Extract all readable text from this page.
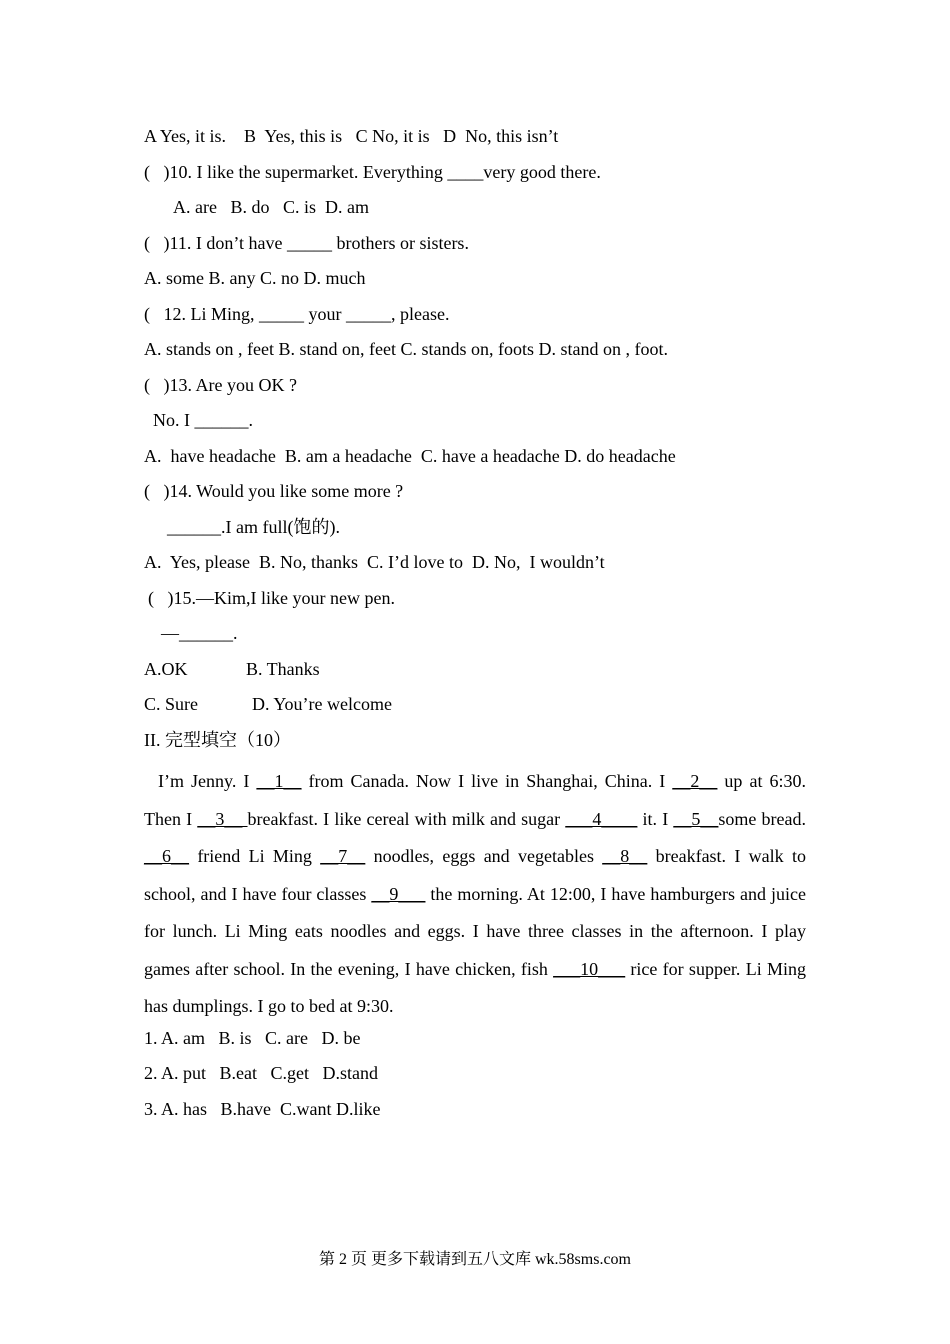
A Yes, it is.    B  Yes, this is   C No, it is   D  No, this isn’t
(   )10. I like the supermarket. Everything ____very good there.
A. are   B. do   C. is  D. am
(   )11. I don’t have _____ brothers or sisters.
A. some B. any C. no D. much
(   12. Li Ming, _____ your _____, please.
A. stands on , feet B. stand on, feet C. stands on, foots D. stand on , foot.
(   )13. Are you OK ?
No. I ______.
A.  have headache  B. am a headache  C. have a headache D. do headache
(   )14. Would you like some more ?
______.I am full(饱的).
A.  Yes, please  B. No, thanks  C. I’d love to  D. No,  I wouldn’t
(   )15.—Kim,I like your new pen.
—______.
A.OK             B. Thanks
C. Sure            D. You’re welcome
II. 完型填空（10）

I’m Jenny. I __1__ from Canada. Now I live in Shanghai, China. I __2__ up at 6:30. Then I __3__ breakfast. I like cereal with milk and sugar ___4____ it. I __5__some bread. __6__ friend Li Ming __7__ noodles, eggs and vegetables __8__ breakfast. I walk to school, and I have four classes __9___ the morning. At 12:00, I have hamburgers and juice for lunch. Li Ming eats noodles and eggs. I have three classes in the afternoon. I play games after school. In the evening, I have chicken, fish ___10___ rice for supper. Li Ming has dumplings. I go to bed at 9:30.

1. A. am   B. is   C. are   D. be
2. A. put   B.eat   C.get   D.stand
3. A. has   B.have  C.want D.like
第 2 页 更多下载请到五八文库 wk.58sms.com
